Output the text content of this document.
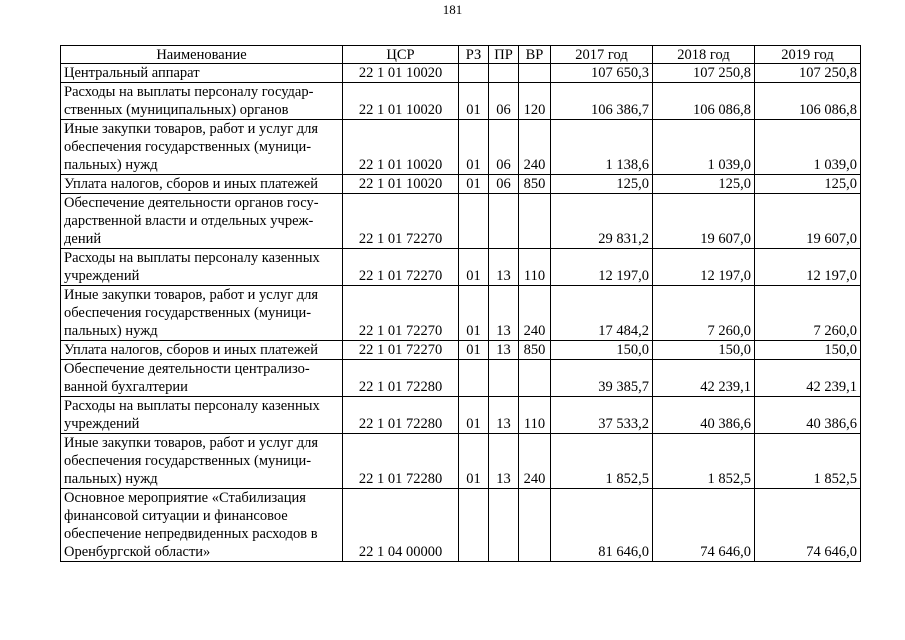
181
Наименование	ЦСР	РЗ	ПР	ВР	2017 год	2018 год	2019 год
Центральный аппарат	22 1 01 10020				107 650,3	107 250,8	107 250,8
Расходы на выплаты персоналу государ-
ственных (муниципальных) органов	22 1 01 10020	01	06	120	106 386,7	106 086,8	106 086,8
Иные закупки товаров, работ и услуг для
обеспечения государственных (муници-
пальных) нужд	22 1 01 10020	01	06	240	1 138,6	1 039,0	1 039,0
Уплата налогов, сборов и иных платежей	22 1 01 10020	01	06	850	125,0	125,0	125,0
Обеспечение деятельности органов госу-
дарственной власти и отдельных учреж-
дений	22 1 01 72270				29 831,2	19 607,0	19 607,0
Расходы на выплаты персоналу казенных
учреждений	22 1 01 72270	01	13	110	12 197,0	12 197,0	12 197,0
Иные закупки товаров, работ и услуг для
обеспечения государственных (муници-
пальных) нужд	22 1 01 72270	01	13	240	17 484,2	7 260,0	7 260,0
Уплата налогов, сборов и иных платежей	22 1 01 72270	01	13	850	150,0	150,0	150,0
Обеспечение деятельности централизо-
ванной бухгалтерии	22 1 01 72280				39 385,7	42 239,1	42 239,1
Расходы на выплаты персоналу казенных
учреждений	22 1 01 72280	01	13	110	37 533,2	40 386,6	40 386,6
Иные закупки товаров, работ и услуг для
обеспечения государственных (муници-
пальных) нужд	22 1 01 72280	01	13	240	1 852,5	1 852,5	1 852,5
Основное мероприятие «Стабилизация
финансовой ситуации и финансовое
обеспечение непредвиденных расходов в
Оренбургской области»	22 1 04 00000				81 646,0	74 646,0	74 646,0
